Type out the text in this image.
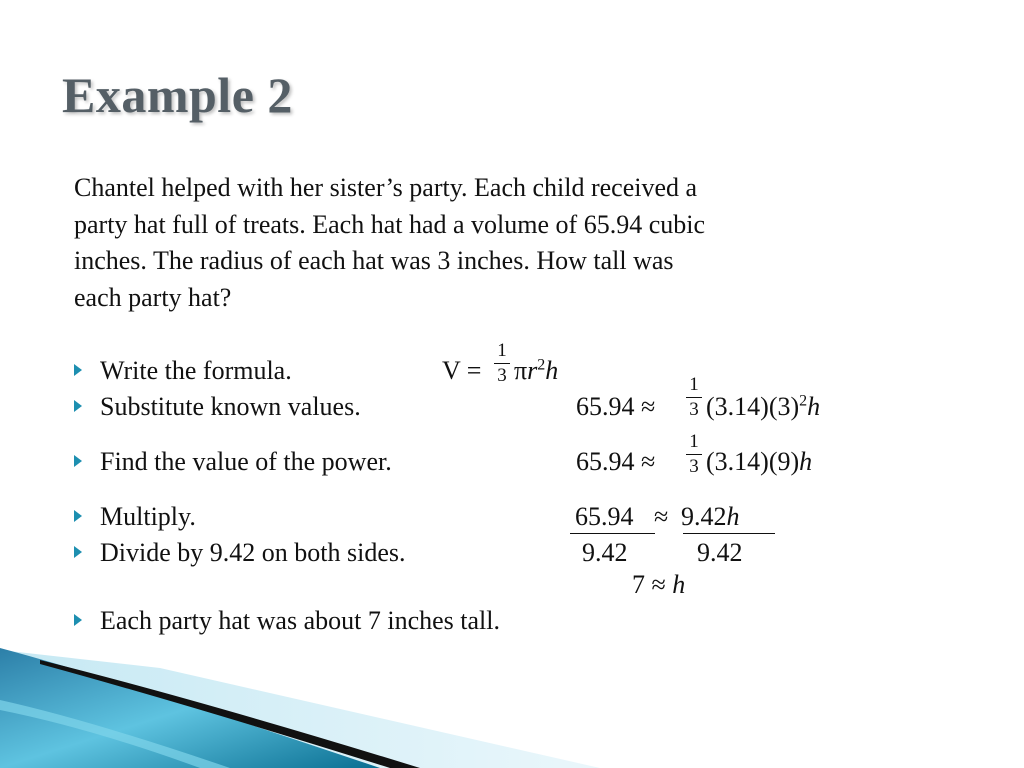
Example 2
Chantel helped with her sister’s party. Each child received a
party hat full of treats. Each hat had a volume of 65.94 cubic
inches. The radius of each hat was 3 inches. How tall was
each party hat?
Write the formula.
Substitute known values.
Find the value of the power.
Multiply.
Divide by 9.42 on both sides.
Each party hat was about 7 inches tall.
V =
1
3 $\pi r^2h$
65.94 ≈
1
3 $(3.14)(3)^2h$
65.94 ≈
1
3 (3.14)(9)h
65.94 ≈ 9.42h
9.42	9.42
7 ≈ h
